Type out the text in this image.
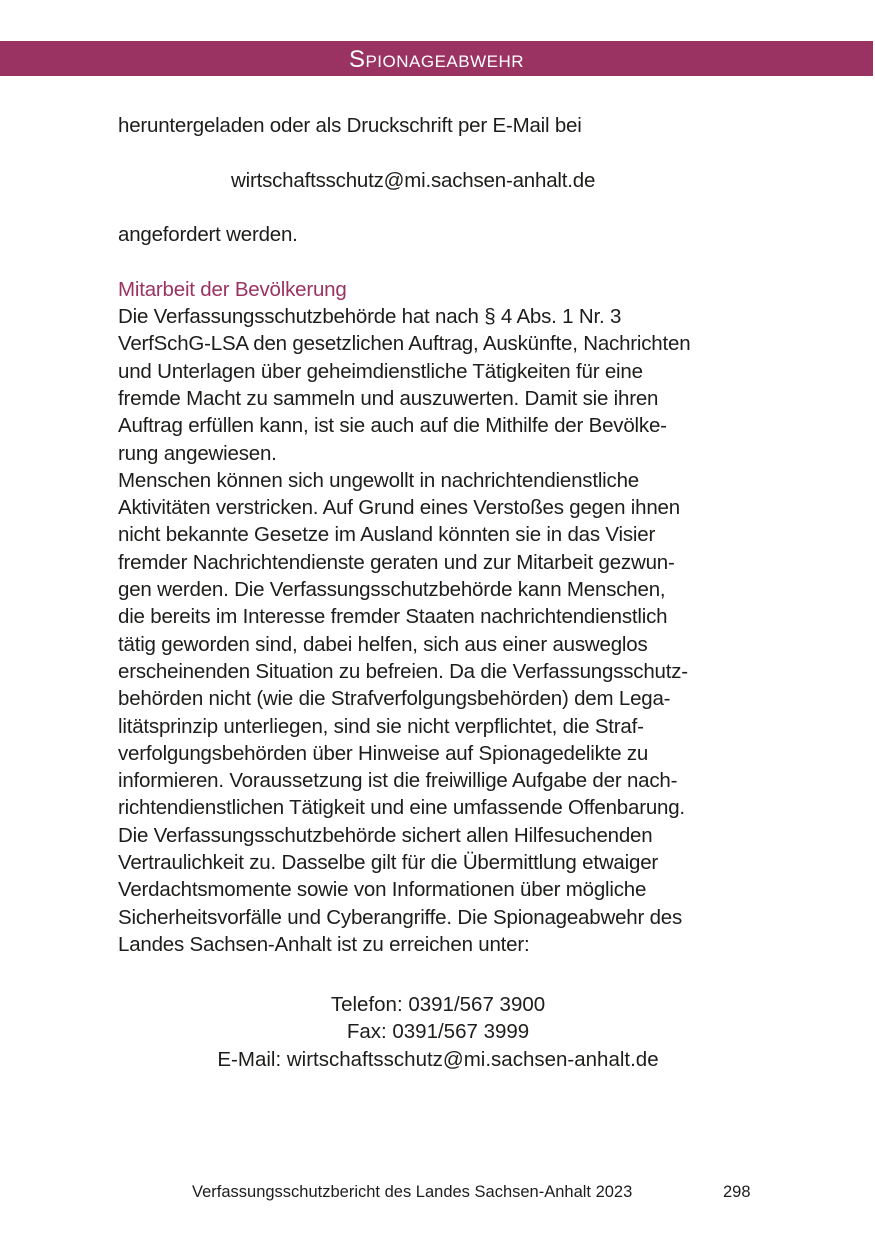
Spionageabwehr
heruntergeladen oder als Druckschrift per E-Mail bei
wirtschaftsschutz@mi.sachsen-anhalt.de
angefordert werden.
Mitarbeit der Bevölkerung
Die Verfassungsschutzbehörde hat nach § 4 Abs. 1 Nr. 3
VerfSchG-LSA den gesetzlichen Auftrag, Auskünfte, Nachrichten
und Unterlagen über geheimdienstliche Tätigkeiten für eine
fremde Macht zu sammeln und auszuwerten. Damit sie ihren
Auftrag erfüllen kann, ist sie auch auf die Mithilfe der Bevölke-
rung angewiesen.
Menschen können sich ungewollt in nachrichtendienstliche
Aktivitäten verstricken. Auf Grund eines Verstoßes gegen ihnen
nicht bekannte Gesetze im Ausland könnten sie in das Visier
fremder Nachrichtendienste geraten und zur Mitarbeit gezwun-
gen werden. Die Verfassungsschutzbehörde kann Menschen,
die bereits im Interesse fremder Staaten nachrichtendienstlich
tätig geworden sind, dabei helfen, sich aus einer ausweglos
erscheinenden Situation zu befreien. Da die Verfassungsschutz-
behörden nicht (wie die Strafverfolgungsbehörden) dem Lega-
litätsprinzip unterliegen, sind sie nicht verpflichtet, die Straf-
verfolgungsbehörden über Hinweise auf Spionagedelikte zu
informieren. Voraussetzung ist die freiwillige Aufgabe der nach-
richtendienstlichen Tätigkeit und eine umfassende Offenbarung.
Die Verfassungsschutzbehörde sichert allen Hilfesuchenden
Vertraulichkeit zu. Dasselbe gilt für die Übermittlung etwaiger
Verdachtsmomente sowie von Informationen über mögliche
Sicherheitsvorfälle und Cyberangriffe. Die Spionageabwehr des
Landes Sachsen-Anhalt ist zu erreichen unter:
Telefon: 0391/567 3900
Fax: 0391/567 3999
E-Mail: wirtschaftsschutz@mi.sachsen-anhalt.de
Verfassungsschutzbericht des Landes Sachsen-Anhalt 2023	298
